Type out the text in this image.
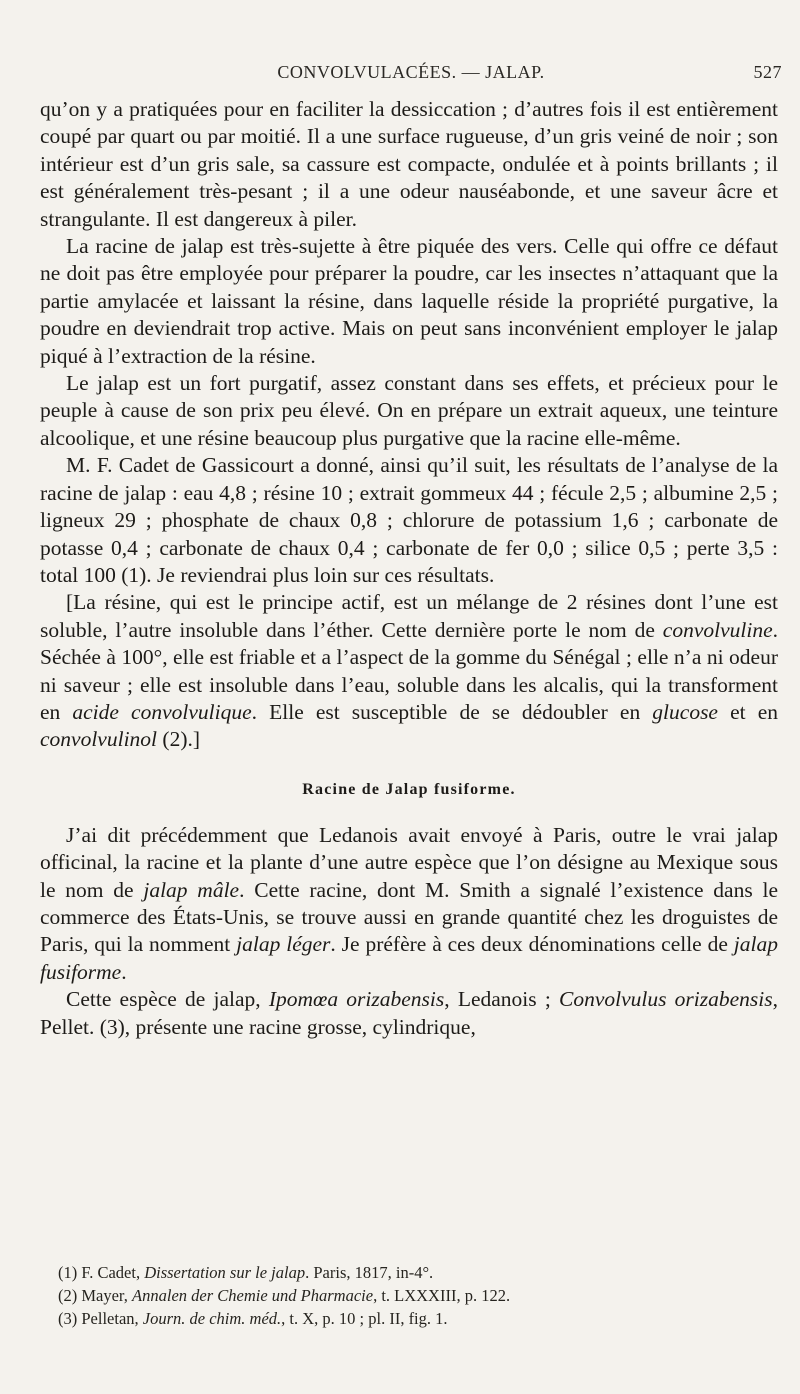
CONVOLVULACÉES. — JALAP.	527

qu’on y a pratiquées pour en faciliter la dessiccation ; d’autres fois il est entièrement coupé par quart ou par moitié. Il a une surface rugueuse, d’un gris veiné de noir ; son intérieur est d’un gris sale, sa cassure est compacte, ondulée et à points brillants ; il est généralement très-pesant ; il a une odeur nauséabonde, et une saveur âcre et strangulante. Il est dangereux à piler.

La racine de jalap est très-sujette à être piquée des vers. Celle qui offre ce défaut ne doit pas être employée pour préparer la poudre, car les insectes n’attaquant que la partie amylacée et laissant la résine, dans laquelle réside la propriété purgative, la poudre en deviendrait trop active. Mais on peut sans inconvénient employer le jalap piqué à l’extraction de la résine.

Le jalap est un fort purgatif, assez constant dans ses effets, et précieux pour le peuple à cause de son prix peu élevé. On en prépare un extrait aqueux, une teinture alcoolique, et une résine beaucoup plus purgative que la racine elle-même.

M. F. Cadet de Gassicourt a donné, ainsi qu’il suit, les résultats de l’analyse de la racine de jalap : eau 4,8 ; résine 10 ; extrait gommeux 44 ; fécule 2,5 ; albumine 2,5 ; ligneux 29 ; phosphate de chaux 0,8 ; chlorure de potassium 1,6 ; carbonate de potasse 0,4 ; carbonate de chaux 0,4 ; carbonate de fer 0,0 ; silice 0,5 ; perte 3,5 : total 100 (1). Je reviendrai plus loin sur ces résultats.

[La résine, qui est le principe actif, est un mélange de 2 résines dont l’une est soluble, l’autre insoluble dans l’éther. Cette dernière porte le nom de convolvuline. Séchée à 100°, elle est friable et a l’aspect de la gomme du Sénégal ; elle n’a ni odeur ni saveur ; elle est insoluble dans l’eau, soluble dans les alcalis, qui la transforment en acide convolvulique. Elle est susceptible de se dédoubler en glucose et en convolvulinol (2).]

Racine de Jalap fusiforme.

J’ai dit précédemment que Ledanois avait envoyé à Paris, outre le vrai jalap officinal, la racine et la plante d’une autre espèce que l’on désigne au Mexique sous le nom de jalap mâle. Cette racine, dont M. Smith a signalé l’existence dans le commerce des États-Unis, se trouve aussi en grande quantité chez les droguistes de Paris, qui la nomment jalap léger. Je préfère à ces deux dénominations celle de jalap fusiforme.

Cette espèce de jalap, Ipomœa orizabensis, Ledanois ; Convolvulus orizabensis, Pellet. (3), présente une racine grosse, cylindrique,

(1) F. Cadet, Dissertation sur le jalap. Paris, 1817, in-4°.
(2) Mayer, Annalen der Chemie und Pharmacie, t. LXXXIII, p. 122.
(3) Pelletan, Journ. de chim. méd., t. X, p. 10 ; pl. II, fig. 1.
